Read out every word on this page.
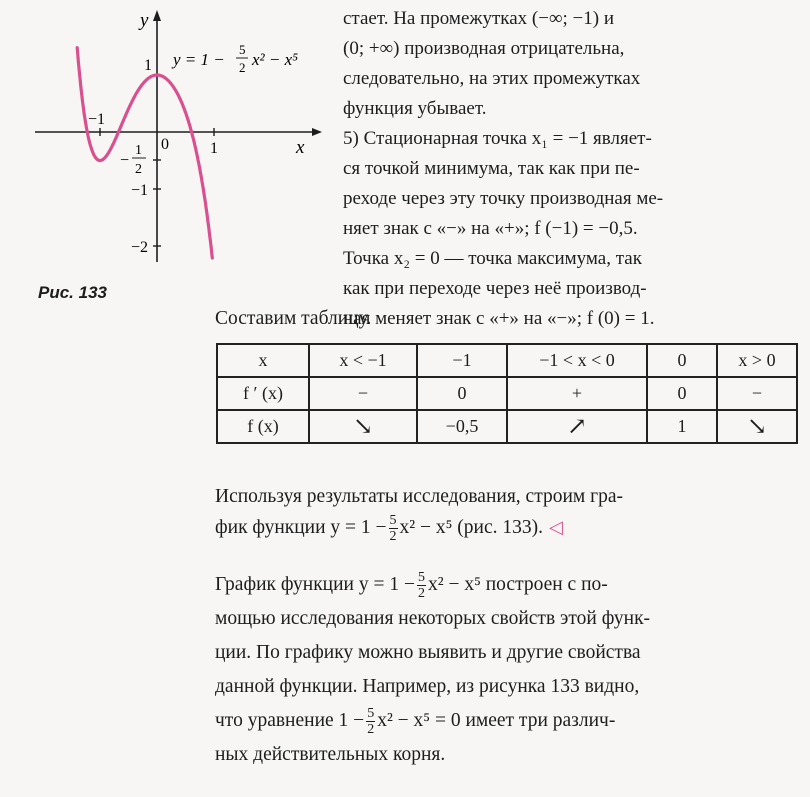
y
x
−1
0	1
1
−
1
2
−1
−2
y = 1 −
5
2 x² − x⁵
Рис. 133

стает. На промежутках (−∞; −1) и

(0; +∞) производная отрицательна,

следовательно, на этих промежутках

функция убывает.

5) Стационарная точка x₁ = −1 являет-

ся точкой минимума, так как при пе-

реходе через эту точку производная ме-

няет знак с «−» на «+»; f (−1) = −0,5.

Точка x₂ = 0 — точка максимума, так

как при переходе через неё производ-

ная меняет знак с «+» на «−»; f (0) = 1.

Составим таблицу.
x	x < −1	−1	−1 < x < 0	0	x > 0
f ′ (x)	−	0	+	0	−
f (x)	↘	−0,5	↗	1	↘

Используя результаты исследования, строим гра-

фик функции $y = 1 - \frac{5}{2} x^2 - x^5$ (рис. 133). ◁

График функции $y = 1 - \frac{5}{2} x^2 - x^5$ построен с по-

мощью исследования некоторых свойств этой функ-

ции. По графику можно выявить и другие свойства

данной функции. Например, из рисунка 133 видно,

что уравнение $1 - \frac{5}{2} x^2 - x^5 = 0$ имеет три различ-

ных действительных корня.
